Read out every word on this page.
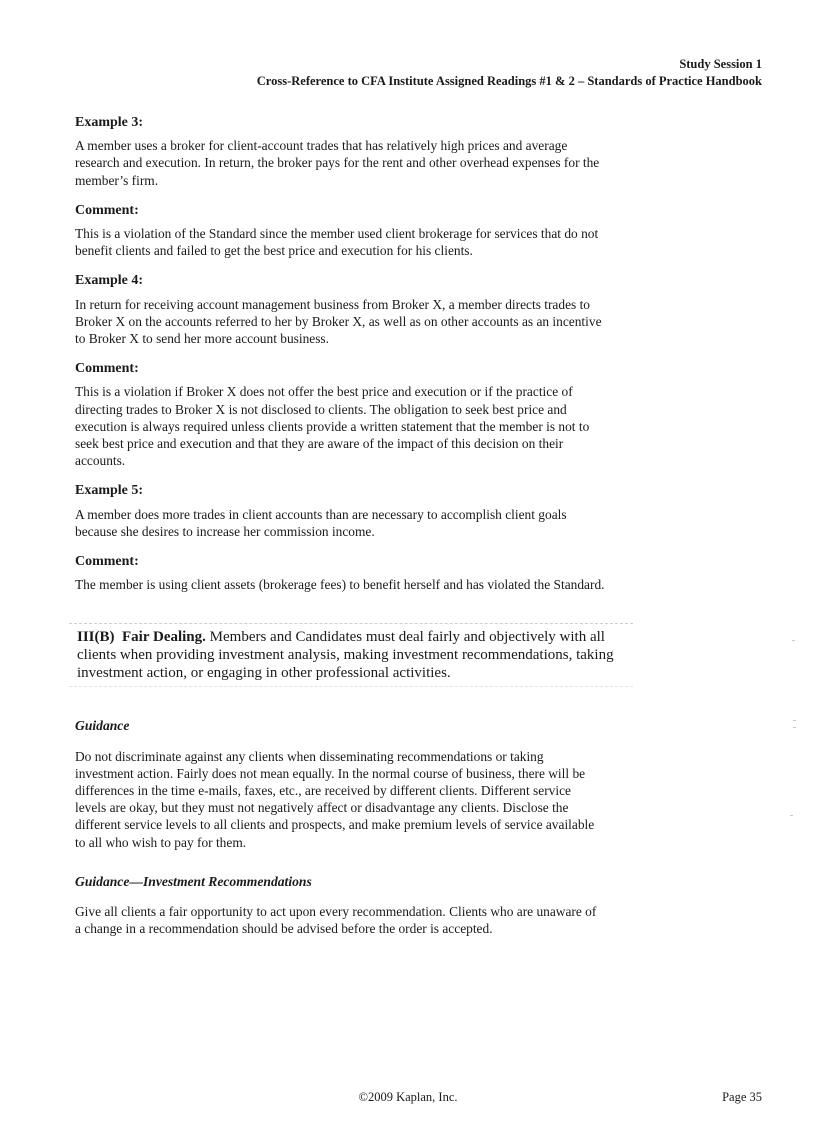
Study Session 1
Cross-Reference to CFA Institute Assigned Readings #1 & 2 – Standards of Practice Handbook
Example 3:
A member uses a broker for client-account trades that has relatively high prices and average research and execution. In return, the broker pays for the rent and other overhead expenses for the member’s firm.
Comment:
This is a violation of the Standard since the member used client brokerage for services that do not benefit clients and failed to get the best price and execution for his clients.
Example 4:
In return for receiving account management business from Broker X, a member directs trades to Broker X on the accounts referred to her by Broker X, as well as on other accounts as an incentive to Broker X to send her more account business.
Comment:
This is a violation if Broker X does not offer the best price and execution or if the practice of directing trades to Broker X is not disclosed to clients. The obligation to seek best price and execution is always required unless clients provide a written statement that the member is not to seek best price and execution and that they are aware of the impact of this decision on their accounts.
Example 5:
A member does more trades in client accounts than are necessary to accomplish client goals because she desires to increase her commission income.
Comment:
The member is using client assets (brokerage fees) to benefit herself and has violated the Standard.
III(B) Fair Dealing. Members and Candidates must deal fairly and objectively with all clients when providing investment analysis, making investment recommendations, taking investment action, or engaging in other professional activities.
Guidance
Do not discriminate against any clients when disseminating recommendations or taking investment action. Fairly does not mean equally. In the normal course of business, there will be differences in the time e-mails, faxes, etc., are received by different clients. Different service levels are okay, but they must not negatively affect or disadvantage any clients. Disclose the different service levels to all clients and prospects, and make premium levels of service available to all who wish to pay for them.
Guidance—Investment Recommendations
Give all clients a fair opportunity to act upon every recommendation. Clients who are unaware of a change in a recommendation should be advised before the order is accepted.
©2009 Kaplan, Inc.	Page 35
